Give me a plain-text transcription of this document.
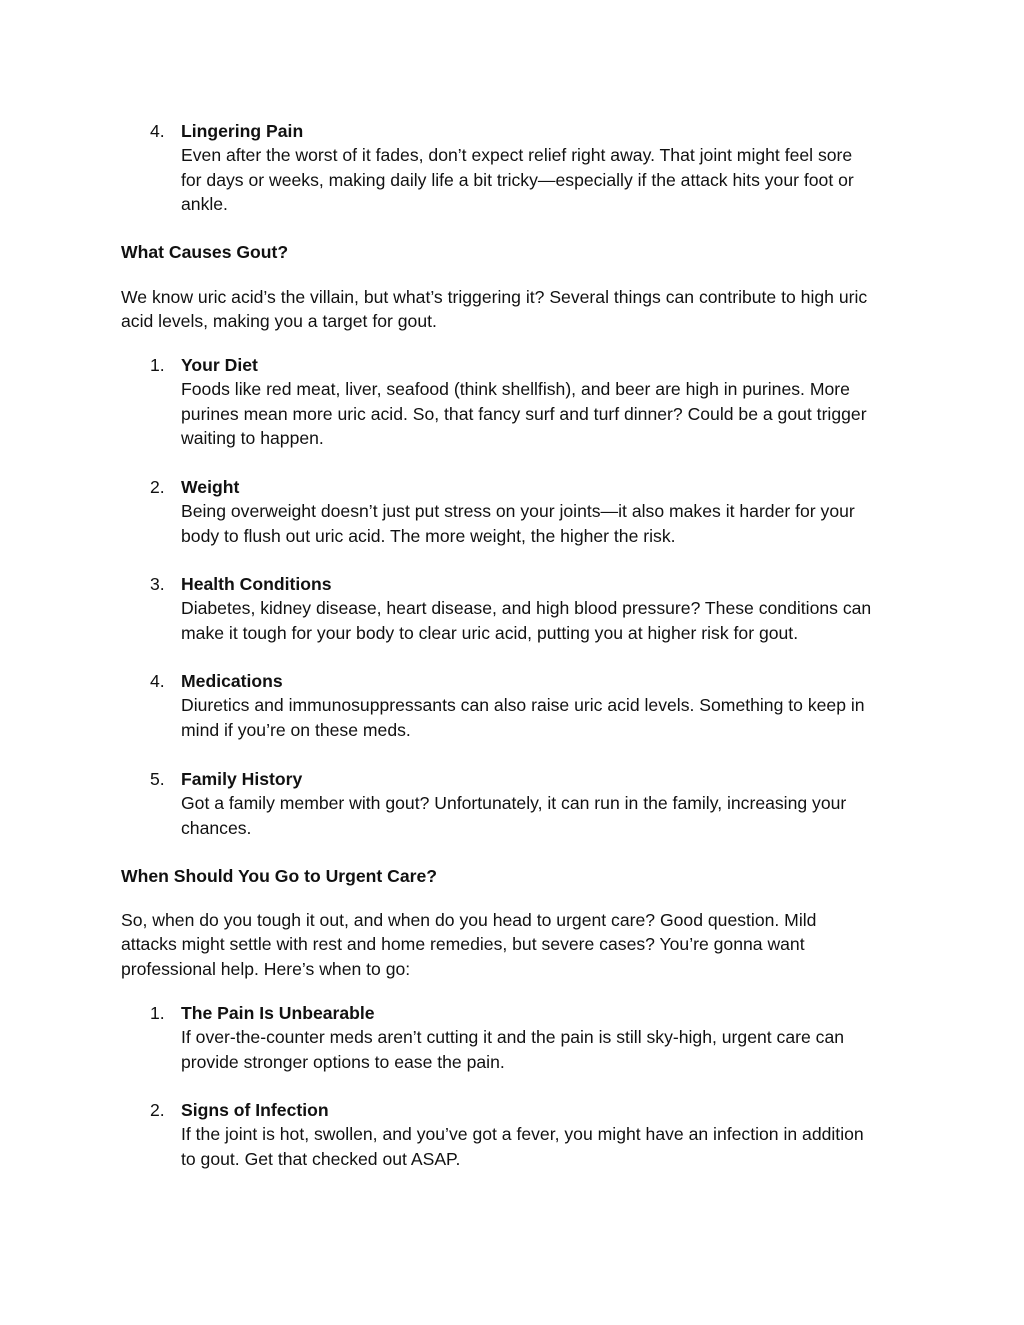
4. Lingering Pain
Even after the worst of it fades, don’t expect relief right away. That joint might feel sore
for days or weeks, making daily life a bit tricky—especially if the attack hits your foot or
ankle.
What Causes Gout?
We know uric acid’s the villain, but what’s triggering it? Several things can contribute to high uric
acid levels, making you a target for gout.
1. Your Diet
Foods like red meat, liver, seafood (think shellfish), and beer are high in purines. More
purines mean more uric acid. So, that fancy surf and turf dinner? Could be a gout trigger
waiting to happen.
2. Weight
Being overweight doesn’t just put stress on your joints—it also makes it harder for your
body to flush out uric acid. The more weight, the higher the risk.
3. Health Conditions
Diabetes, kidney disease, heart disease, and high blood pressure? These conditions can
make it tough for your body to clear uric acid, putting you at higher risk for gout.
4. Medications
Diuretics and immunosuppressants can also raise uric acid levels. Something to keep in
mind if you’re on these meds.
5. Family History
Got a family member with gout? Unfortunately, it can run in the family, increasing your
chances.
When Should You Go to Urgent Care?
So, when do you tough it out, and when do you head to urgent care? Good question. Mild
attacks might settle with rest and home remedies, but severe cases? You’re gonna want
professional help. Here’s when to go:
1. The Pain Is Unbearable
If over-the-counter meds aren’t cutting it and the pain is still sky-high, urgent care can
provide stronger options to ease the pain.
2. Signs of Infection
If the joint is hot, swollen, and you’ve got a fever, you might have an infection in addition
to gout. Get that checked out ASAP.
